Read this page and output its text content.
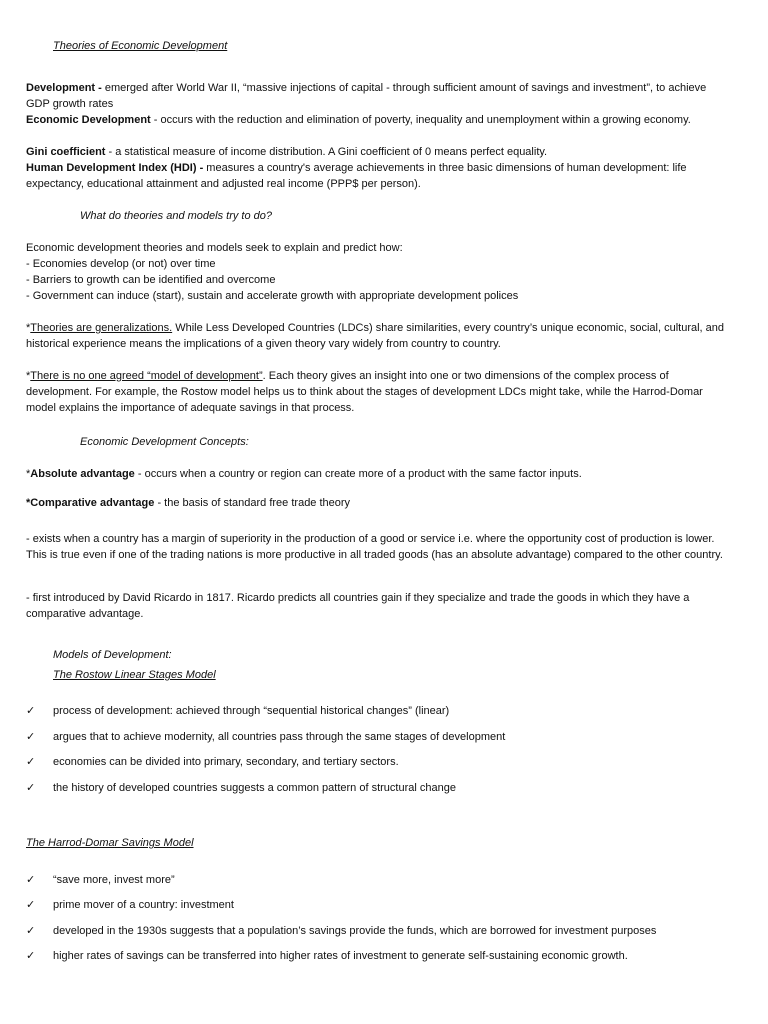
Theories of Economic Development
Development - emerged after World War II, “massive injections of capital - through sufficient amount of savings and investment”, to achieve GDP growth rates
Economic Development - occurs with the reduction and elimination of poverty, inequality and unemployment within a growing economy.
Gini coefficient - a statistical measure of income distribution. A Gini coefficient of 0 means perfect equality.
Human Development Index (HDI) - measures a country's average achievements in three basic dimensions of human development: life expectancy, educational attainment and adjusted real income (PPP$ per person).
What do theories and models try to do?
Economic development theories and models seek to explain and predict how:
- Economies develop (or not) over time
- Barriers to growth can be identified and overcome
- Government can induce (start), sustain and accelerate growth with appropriate development polices
*Theories are generalizations. While Less Developed Countries (LDCs) share similarities, every country’s unique economic, social, cultural, and historical experience means the implications of a given theory vary widely from country to country.
*There is no one agreed “model of development”. Each theory gives an insight into one or two dimensions of the complex process of development. For example, the Rostow model helps us to think about the stages of development LDCs might take, while the Harrod-Domar model explains the importance of adequate savings in that process.
Economic Development Concepts:
*Absolute advantage - occurs when a country or region can create more of a product with the same factor inputs.
*Comparative advantage - the basis of standard free trade theory
- exists when a country has a margin of superiority in the production of a good or service i.e. where the opportunity cost of production is lower. This is true even if one of the trading nations is more productive in all traded goods (has an absolute advantage) compared to the other country.
- first introduced by David Ricardo in 1817. Ricardo predicts all countries gain if they specialize and trade the goods in which they have a comparative advantage.
Models of Development:
The Rostow Linear Stages Model
✓	process of development: achieved through “sequential historical changes” (linear)
✓	argues that to achieve modernity, all countries pass through the same stages of development
✓	economies can be divided into primary, secondary, and tertiary sectors.
✓	the history of developed countries suggests a common pattern of structural change
The Harrod-Domar Savings Model
✓	“save more, invest more”
✓	prime mover of a country: investment
✓	developed in the 1930s suggests that a population’s savings provide the funds, which are borrowed for investment purposes
✓	higher rates of savings can be transferred into higher rates of investment to generate self-sustaining economic growth.
